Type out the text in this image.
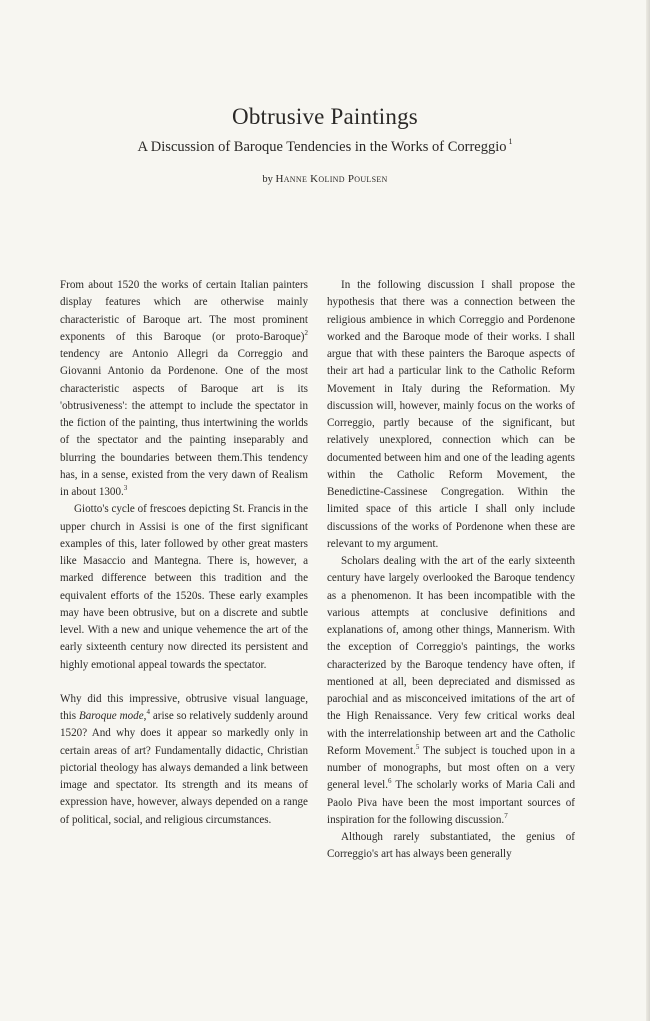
Obtrusive Paintings
A Discussion of Baroque Tendencies in the Works of Correggio $^1$
by Hanne Kolind Poulsen

From about 1520 the works of certain Italian painters display features which are otherwise mainly characteristic of Baroque art. The most prominent exponents of this Baroque (or proto-Baroque)$^2$ tendency are Antonio Allegri da Correggio and Giovanni Antonio da Pordenone. One of the most characteristic aspects of Baroque art is its 'obtrusiveness': the attempt to include the spectator in the fiction of the painting, thus intertwining the worlds of the spectator and the painting inseparably and blurring the boundaries between them.This tendency has, in a sense, existed from the very dawn of Realism in about 1300.$^3$

Giotto's cycle of frescoes depicting St. Francis in the upper church in Assisi is one of the first significant examples of this, later followed by other great masters like Masaccio and Mantegna. There is, however, a marked difference between this tradition and the equivalent efforts of the 1520s. These early examples may have been obtrusive, but on a discrete and subtle level. With a new and unique vehemence the art of the early sixteenth century now directed its persistent and highly emotional appeal towards the spectator.

Why did this impressive, obtrusive visual language, this Baroque mode,$^4$ arise so relatively suddenly around 1520? And why does it appear so markedly only in certain areas of art? Fundamentally didactic, Christian pictorial theology has always demanded a link between image and spectator. Its strength and its means of expression have, however, always depended on a range of political, social, and religious circumstances.

In the following discussion I shall propose the hypothesis that there was a connection between the religious ambience in which Correggio and Pordenone worked and the Baroque mode of their works. I shall argue that with these painters the Baroque aspects of their art had a particular link to the Catholic Reform Movement in Italy during the Reformation. My discussion will, however, mainly focus on the works of Correggio, partly because of the significant, but relatively unexplored, connection which can be documented between him and one of the leading agents within the Catholic Reform Movement, the Benedictine-Cassinese Congregation. Within the limited space of this article I shall only include discussions of the works of Pordenone when these are relevant to my argument.

Scholars dealing with the art of the early sixteenth century have largely overlooked the Baroque tendency as a phenomenon. It has been incompatible with the various attempts at conclusive definitions and explanations of, among other things, Mannerism. With the exception of Correggio's paintings, the works characterized by the Baroque tendency have often, if mentioned at all, been depreciated and dismissed as parochial and as misconceived imitations of the art of the High Renaissance. Very few critical works deal with the interrelationship between art and the Catholic Reform Movement.$^5$ The subject is touched upon in a number of monographs, but most often on a very general level.$^6$ The scholarly works of Maria Cali and Paolo Piva have been the most important sources of inspiration for the following discussion.$^7$

Although rarely substantiated, the genius of Correggio's art has always been generally
